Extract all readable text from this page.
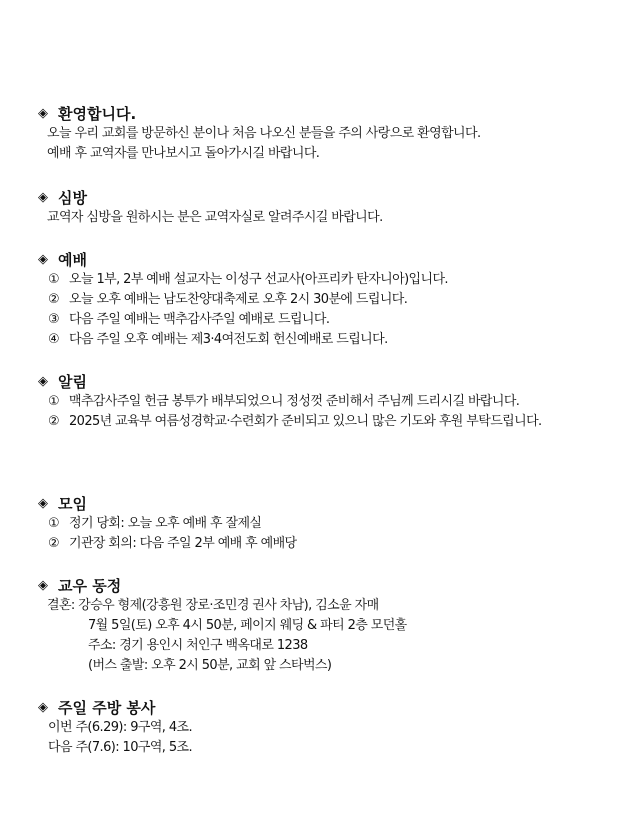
◈ 환영합니다.
오늘 우리 교회를 방문하신 분이나 처음 나오신 분들을 주의 사랑으로 환영합니다.
예배 후 교역자를 만나보시고 돌아가시길 바랍니다.
◈ 심방
교역자 심방을 원하시는 분은 교역자실로 알려주시길 바랍니다.
◈ 예배
① 오늘 1부, 2부 예배 설교자는 이성구 선교사(아프리카 탄자니아)입니다.
② 오늘 오후 예배는 남도찬양대축제로 오후 2시 30분에 드립니다.
③ 다음 주일 예배는 맥추감사주일 예배로 드립니다.
④ 다음 주일 오후 예배는 제3·4여전도회 헌신예배로 드립니다.
◈ 알림
① 맥추감사주일 헌금 봉투가 배부되었으니 정성껏 준비해서 주님께 드리시길 바랍니다.
② 2025년 교육부 여름성경학교·수련회가 준비되고 있으니 많은 기도와 후원 부탁드립니다.
◈ 모임
① 정기 당회: 오늘 오후 예배 후 잘제실
② 기관장 회의: 다음 주일 2부 예배 후 예배당
◈ 교우 동정
결혼: 강승우 형제(강흥원 장로·조민경 권사 차남), 김소윤 자매
7월 5일(토) 오후 4시 50분, 페이지 웨딩 & 파티 2층 모던홀
주소: 경기 용인시 처인구 백옥대로 1238
(버스 출발: 오후 2시 50분, 교회 앞 스타벅스)
◈ 주일 주방 봉사
이번 주(6.29): 9구역, 4조.
다음 주(7.6): 10구역, 5조.
